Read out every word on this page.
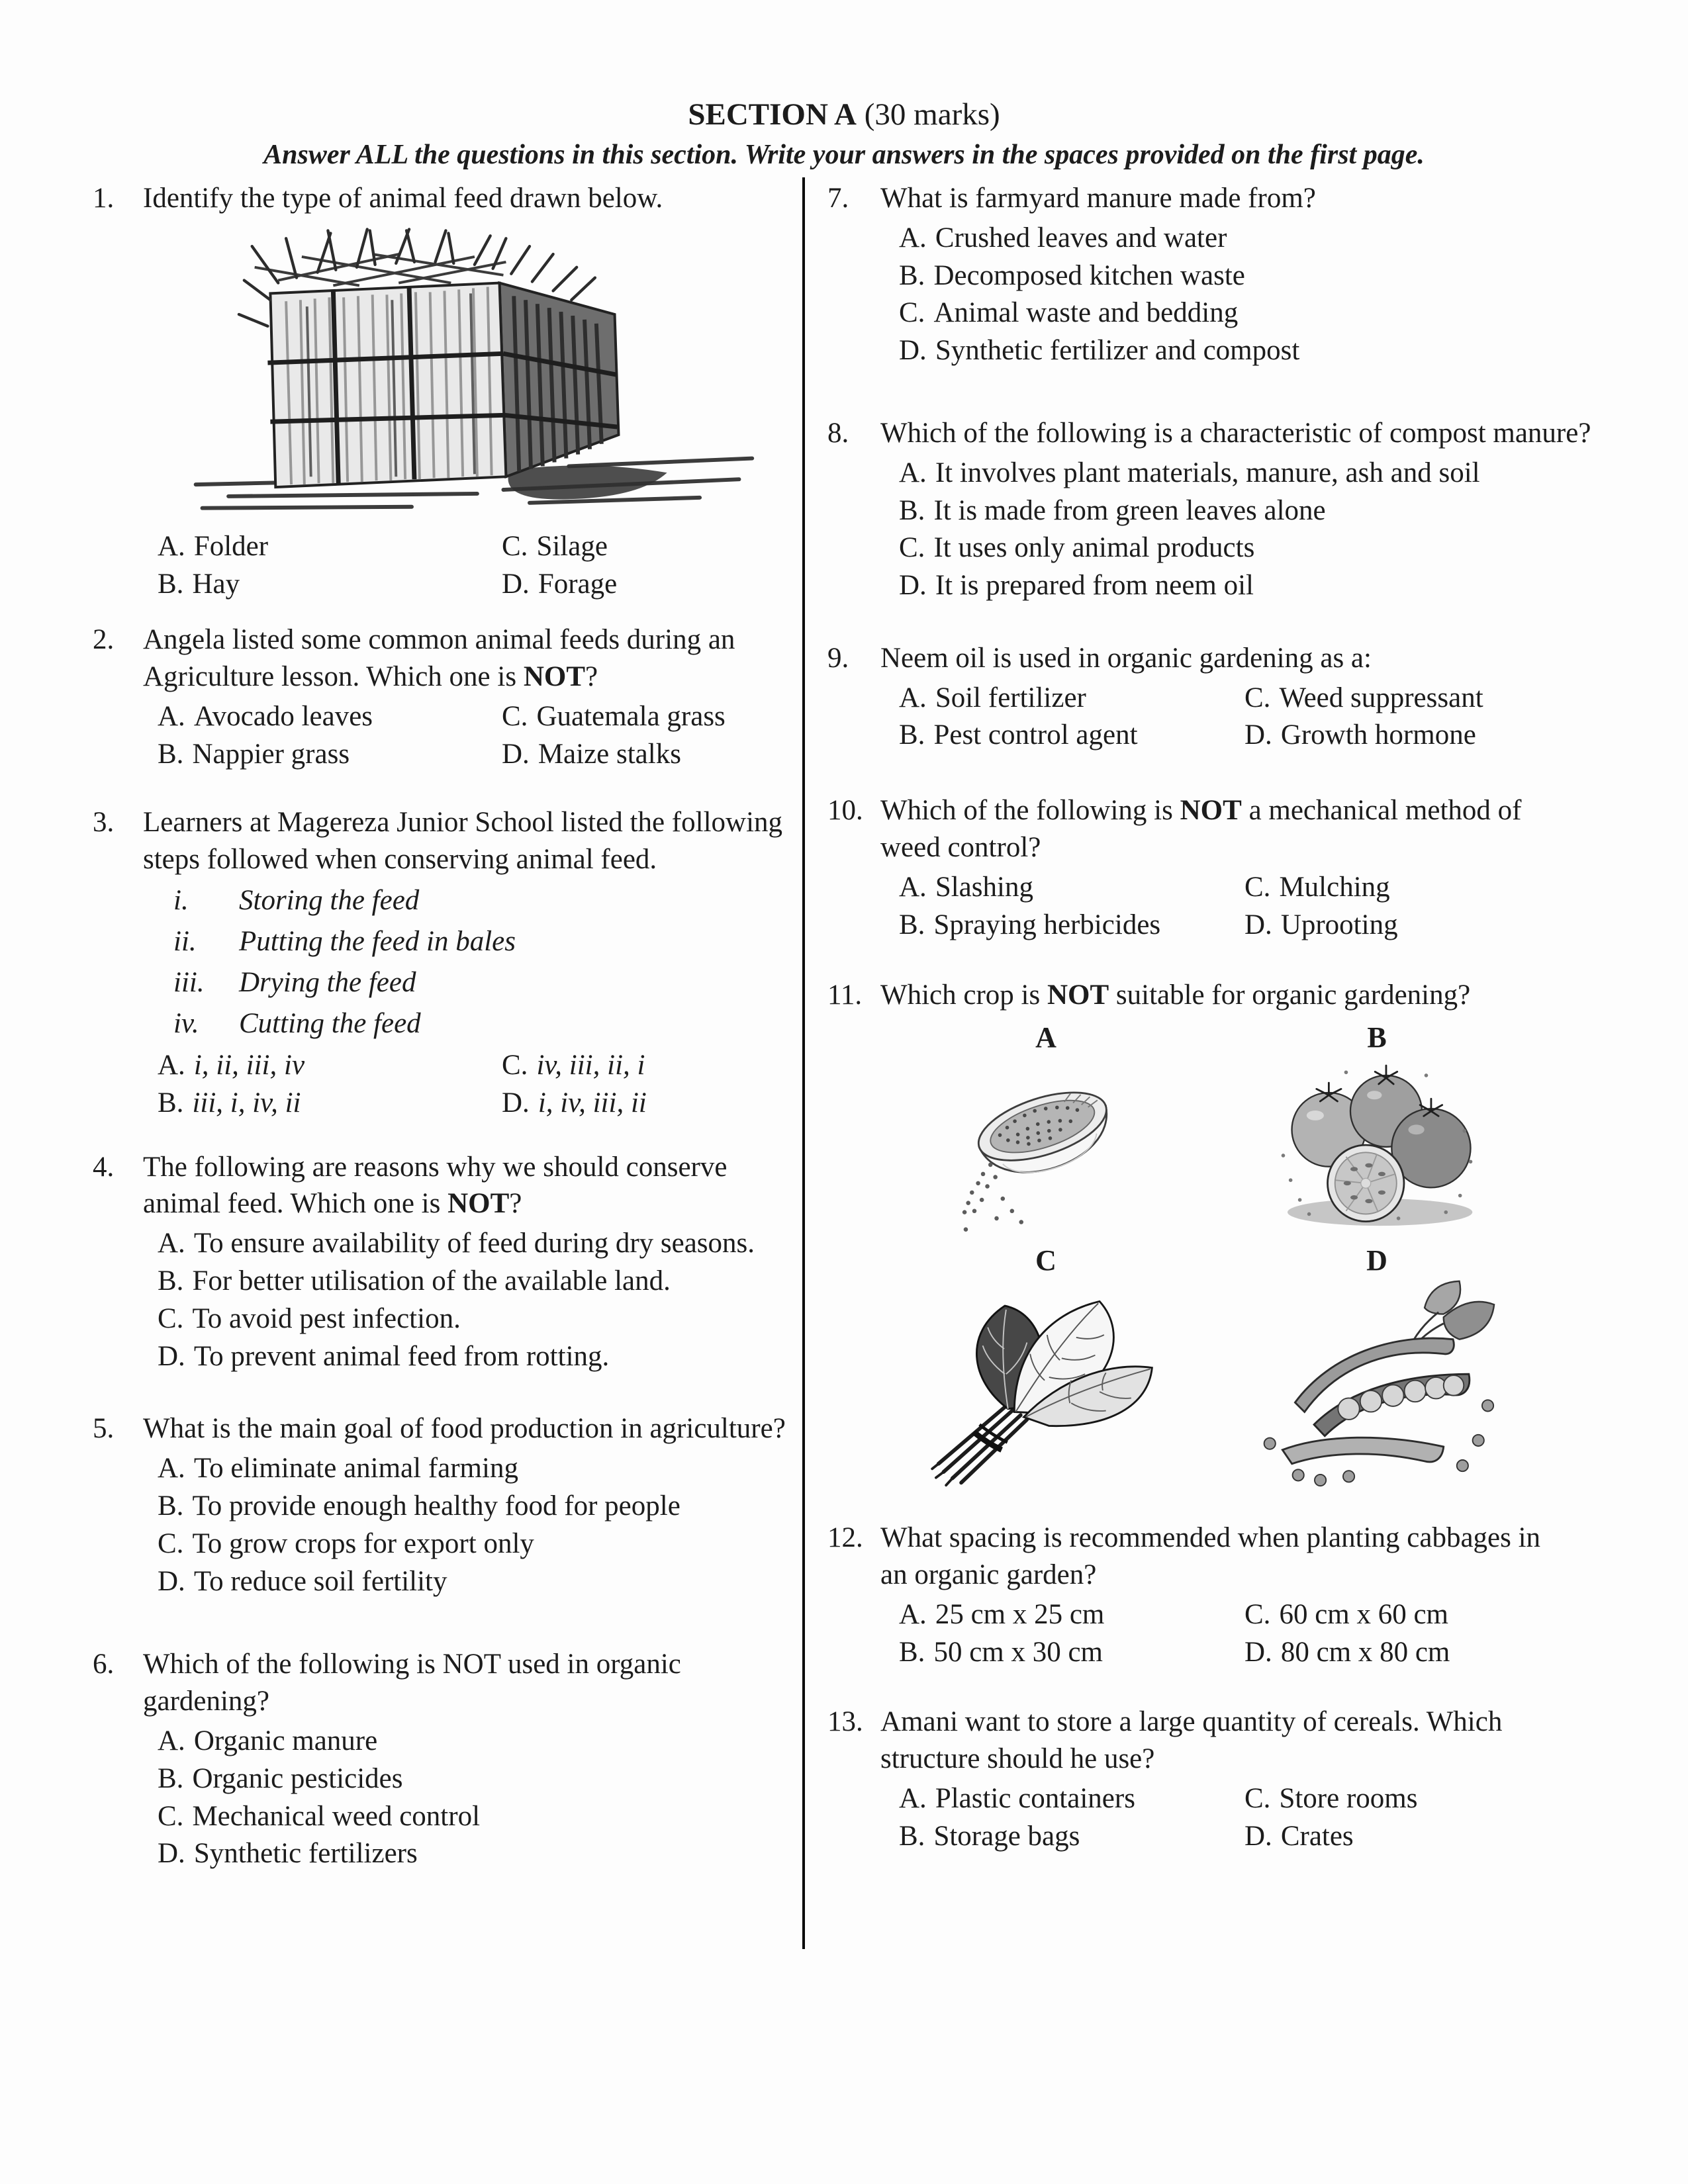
SECTION A (30 marks)
Answer ALL the questions in this section. Write your answers in the spaces provided on the first page.
1.	Identify the type of animal feed drawn below.

A. Folder	C. Silage
B. Hay	D. Forage
2.	Angela listed some common animal feeds during an Agriculture lesson. Which one is NOT?

A. Avocado leaves	C. Guatemala grass
B. Nappier grass	D. Maize stalks
3.	Learners at Magereza Junior School listed the following steps followed when conserving animal feed.

i.	Storing the feed
ii.	Putting the feed in bales
iii.	Drying the feed
iv.	Cutting the feed
A. i, ii, iii, iv	C. iv, iii, ii, i
B. iii, i, iv, ii	D. i, iv, iii, ii
4.	The following are reasons why we should conserve animal feed. Which one is NOT?

A. To ensure availability of feed during dry seasons.
B. For better utilisation of the available land.
C. To avoid pest infection.
D. To prevent animal feed from rotting.
5.	What is the main goal of food production in agriculture?

A. To eliminate animal farming
B. To provide enough healthy food for people
C. To grow crops for export only
D. To reduce soil fertility
6.	Which of the following is NOT used in organic gardening?

A. Organic manure
B. Organic pesticides
C. Mechanical weed control
D. Synthetic fertilizers
7.	What is farmyard manure made from?

A. Crushed leaves and water
B. Decomposed kitchen waste
C. Animal waste and bedding
D. Synthetic fertilizer and compost
8.	Which of the following is a characteristic of compost manure?

A. It involves plant materials, manure, ash and soil
B. It is made from green leaves alone
C. It uses only animal products
D. It is prepared from neem oil
9.	Neem oil is used in organic gardening as a:

A. Soil fertilizer	C. Weed suppressant
B. Pest control agent	D. Growth hormone
10. Which of the following is NOT a mechanical method of weed control?

A. Slashing	C. Mulching
B. Spraying herbicides	D. Uprooting
11. Which crop is NOT suitable for organic gardening?

A	B
C	D
12. What spacing is recommended when planting cabbages in an organic garden?

A. 25 cm x 25 cm	C. 60 cm x 60 cm
B. 50 cm x 30 cm	D. 80 cm x 80 cm
13. Amani want to store a large quantity of cereals. Which structure should he use?

A. Plastic containers	C. Store rooms
B. Storage bags	D. Crates
